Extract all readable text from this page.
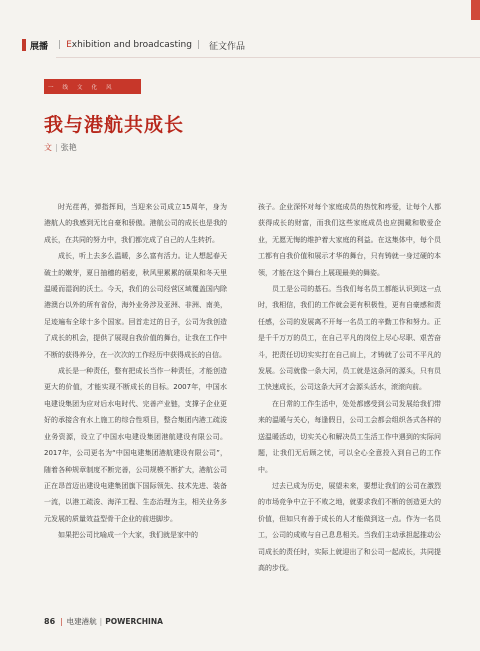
展播 | Exhibition and broadcasting | 征文作品
一线文化风
我与港航共成长
文 | 张艳

时光荏苒，弹指挥间，当迎来公司成立15周年，身为港航人的我感到无比自豪和骄傲。港航公司的成长也是我的成长，在共同的努力中，我们都完成了自己的人生转折。

成长，听上去多么温暖，多么富有活力。让人想起春天破土的嫩芽，夏日抽穗的稻麦，秋风里累累的硕果和冬天里温暖而湿润的沃土。今天，我们的公司经营区域覆盖国内除港澳台以外的所有省份，海外业务涉及亚洲、非洲、南美，足迹遍布全球十多个国家。回首走过的日子，公司为我创造了成长的机会，提供了展现自我价值的舞台，让我在工作中不断的获得养分，在一次次的工作经历中获得成长的自信。

成长是一种责任，整有把成长当作一种责任，才能创造更大的价值，才能实现不断成长的目标。2007年，中国水电建设集团为应对后水电时代、完善产业链，支撑子企业更好的承接含有水上施工的综合性项目，整合集团内港工疏浚业务资源，设立了中国水电建设集团港航建设有限公司。2017年，公司更名为“中国电建集团港航建设有限公司”，随着各种规章制度不断完善，公司规模不断扩大，港航公司正在昂首迈出建设电建集团旗下国际领先、技术先进、装备一流，以港工疏浚、海洋工程、生态治理为主，相关业务多元发展的质量效益型骨干企业的前进脚步。

如果把公司比喻成一个大家，我们就是家中的

孩子。企业深怀对每个家庭成员的热忱和疼爱，让每个人都获得成长的财富，而我们这些家庭成员也应拥戴和敬爱企业，无愿无悔的维护着大家庭的利益。在这集体中，每个员工都有自我价值和展示才华的舞台，只有铸就一身过硬的本领，才能在这个舞台上展现最美的舞姿。

员工是公司的基石。当我们每名员工都能认识到这一点时，我相信，我们的工作就会更有积极性，更有自豪感和责任感，公司的发展离不开每一名员工的辛勤工作和努力。正是千千万万的员工，在自己平凡的岗位上尽心尽职、艰苦奋斗，把责任切切实实打在自己肩上，才铸就了公司不平凡的发展。公司就像一条大河，员工就是这条河的源头，只有员工快速成长，公司这条大河才会源头活水，滚滚向前。

在日常的工作生活中，处处都感受到公司发展给我们带来的温暖与关心，每逢假日，公司工会都会组织各式各样的送温暖活动，切实关心和解决员工生活工作中遇到的实际问题，让我们无后顾之忧，可以全心全意投入到自己的工作中。

过去已成为历史，展望未来，要想让我们的公司在激烈的市场竞争中立于不败之地，就要求我们不断的创造更大的价值，但如只有善于成长的人才能做到这一点。作为一名员工，公司的成败与自己息息相关。当我们主动承担起推动公司成长的责任时，实际上就迎出了和公司一起成长，共同提高的步伐。

86 | 电建港航 | POWERCHINA
